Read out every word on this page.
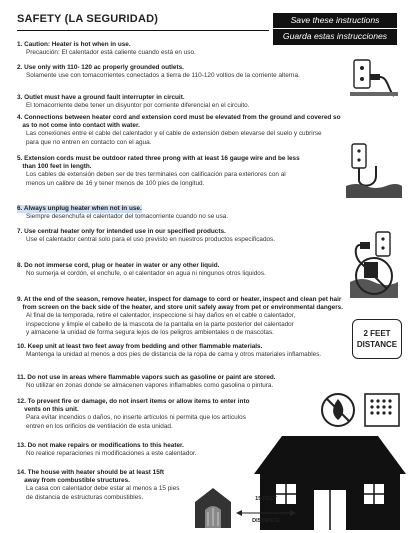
SAFETY (LA SEGURIDAD)	Save these instructions
Guarda estas instrucciones
1. Caution: Heater is hot when in use.
Precaución: El calentador está caliente cuando está en uso.
2. Use only with 110- 120 ac properly grounded outlets.
Solamente use con tomacorrientes conectados a tierra de 110-120 voltios de la corriente alterna.
3. Outlet must have a ground fault interrupter in circuit.
El tomacorriente debe tener un disyuntor por corriente diferencial en el circuito.
4. Connections between heater cord and extension cord must be elevated from the ground and covered so
as to not come into contact with water.
Las conexiones entre el cable del calentador y el cable de extensión deben elevarse del suelo y cubrirse
para que no entren en contacto con el agua.
5. Extension cords must be outdoor rated three prong with at least 16 gauge wire and be less
than 100 feet in length.
Los cables de extensión deben ser de tres terminales con calificación para exteriores con al
menos un calibre de 16 y tener menos de 100 pies de longitud.
6. Always unplug heater when not in use.
Siempre desenchufa el calentador del tomacorriente cuando no se usa.
7. Use central heater only for intended use in our specified products.
Use el calentador central solo para el uso previsto en nuestros productos especificados.
8. Do not immerse cord, plug or heater in water or any other liquid.
No sumerja el cordón, el enchufe, o el calentador en agua ni ningunos otros liquidos.
9. At the end of the season, remove heater, inspect for damage to cord or heater, inspect and clean pet hair
from screen on the back side of the heater, and store unit safely away from pet or environmental dangers.
Al final de la temporada, retire el calentador, inspeccione si hay daños en el cable o calentador,
inspeccione y limpie el cabello de la mascota de la pantalla en la parte posterior del calentador
y almacene la unidad de forma segura lejos de los peligros ambientales o de mascotas.
10. Keep unit at least two feet away from bedding and other flammable materials.
Mantenga la unidad al menos a dos pies de distancia de la ropa de cama y otros materiales inflamables.
11. Do not use in areas where flammable vapors such as gasoline or paint are stored.
No utilizar en zonas donde se almacenen vapores inflamables como gasolina o pintura.
12. To prevent fire or damage, do not insert items or allow items to enter into
vents on this unit.
Para evitar incendios o daños, no inserte artículos ni permita que los artículos
entren en los orificios de ventilación de esta unidad.
13. Do not make repairs or modifications to this heater.
No realice reparaciones ni modificaciones a este calentador.
14. The house with heater should be at least 15ft
away from combustible structures.
La casa con calentador debe estar al menos a 15 pies
de distancia de estructuras combustibles.
2 FEET
DISTANCE
15 FEET
DISTANCE
